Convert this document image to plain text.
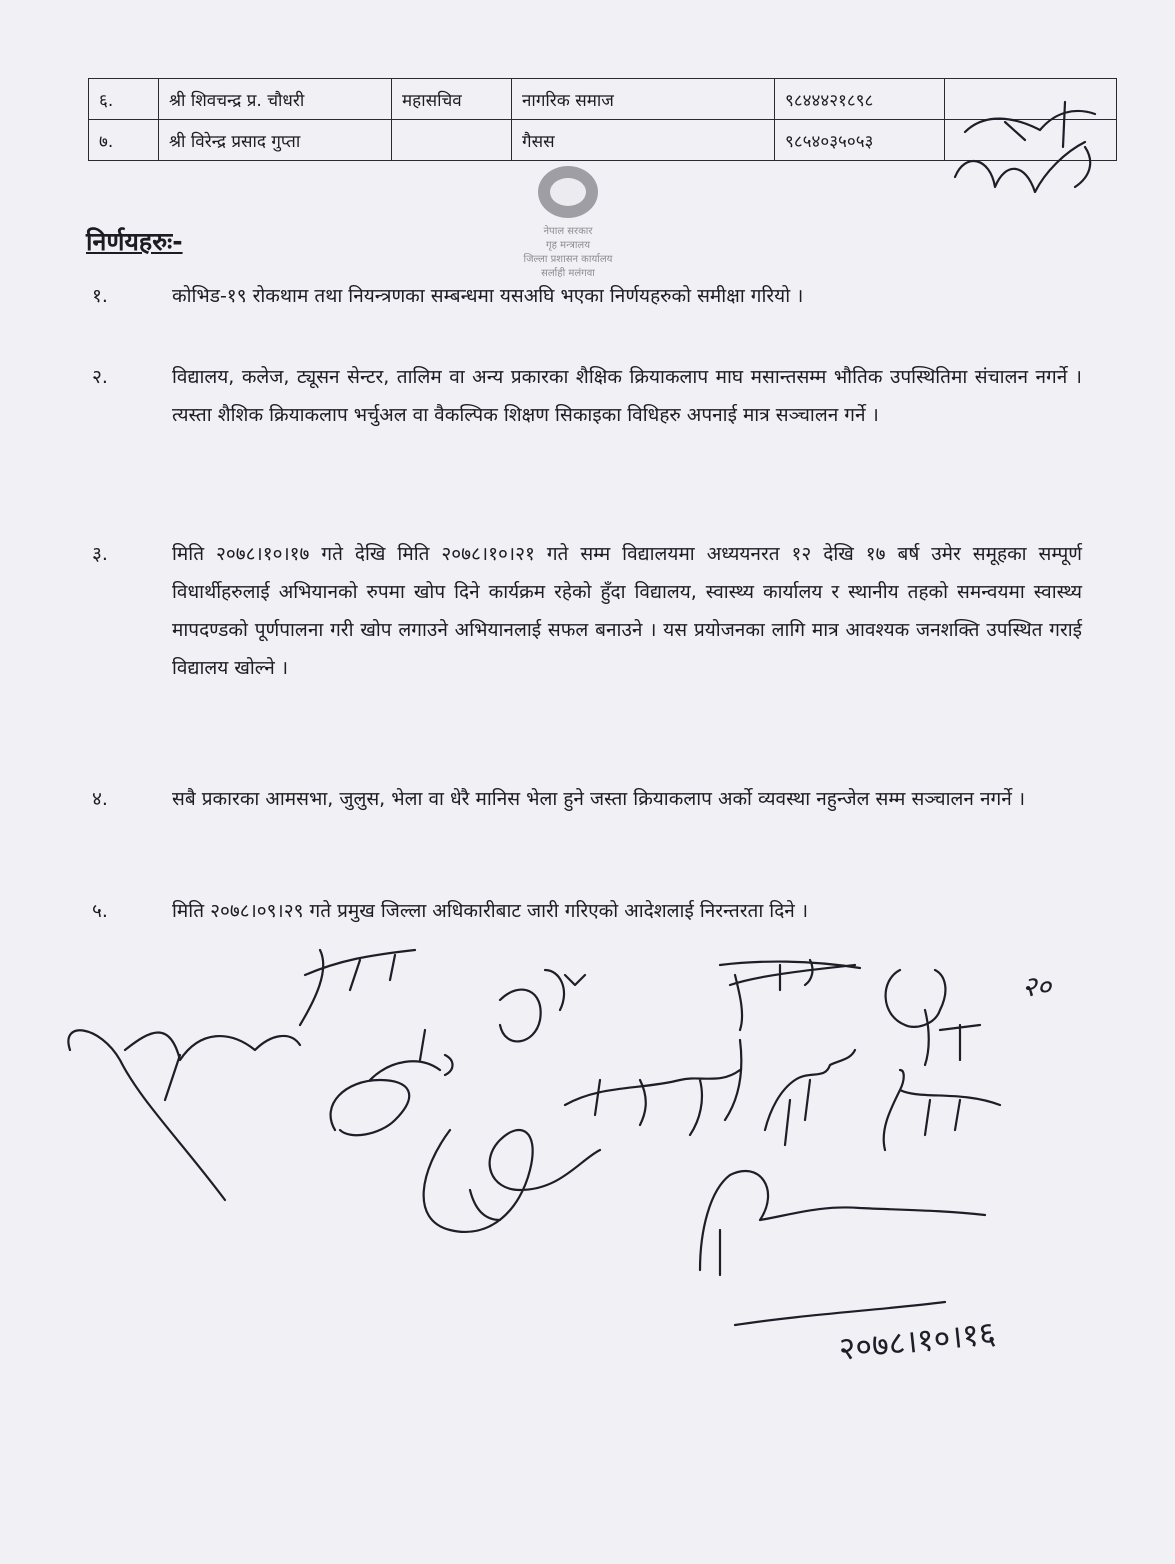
६.	श्री शिवचन्द्र प्र. चौधरी	महासचिव	नागरिक समाज	९८४४४२१८९८	
७.	श्री विरेन्द्र प्रसाद गुप्ता		गैसस	९८५४०३५०५३	
नेपाल सरकार
गृह मन्त्रालय
जिल्ला प्रशासन कार्यालय
सर्लाही मलंगवा
निर्णयहरुः-
१.	कोभिड-१९ रोकथाम तथा नियन्त्रणका सम्बन्धमा यसअघि भएका निर्णयहरुको समीक्षा गरियो ।
२.	विद्यालय, कलेज, ट्यूसन सेन्टर, तालिम वा अन्य प्रकारका शैक्षिक क्रियाकलाप माघ मसान्तसम्म भौतिक उपस्थितिमा संचालन नगर्ने । त्यस्ता शैशिक क्रियाकलाप भर्चुअल वा वैकल्पिक शिक्षण सिकाइका विधिहरु अपनाई मात्र सञ्चालन गर्ने ।
३.	मिति २०७८।१०।१७ गते देखि मिति २०७८।१०।२१ गते सम्म विद्यालयमा अध्ययनरत १२ देखि १७ बर्ष उमेर समूहका सम्पूर्ण विधार्थीहरुलाई अभियानको रुपमा खोप दिने कार्यक्रम रहेको हुँदा विद्यालय, स्वास्थ्य कार्यालय र स्थानीय तहको समन्वयमा स्वास्थ्य मापदण्डको पूर्णपालना गरी खोप लगाउने अभियानलाई सफल बनाउने । यस प्रयोजनका लागि मात्र आवश्यक जनशक्ति उपस्थित गराई विद्यालय खोल्ने ।
४.	सबै प्रकारका आमसभा, जुलुस, भेला वा धेरै मानिस भेला हुने जस्ता क्रियाकलाप अर्को व्यवस्था नहुन्जेल सम्म सञ्चालन नगर्ने ।
५.	मिति २०७८।०९।२९ गते प्रमुख जिल्ला अधिकारीबाट जारी गरिएको आदेशलाई निरन्तरता दिने ।
२०७८।१०।१६
२०
